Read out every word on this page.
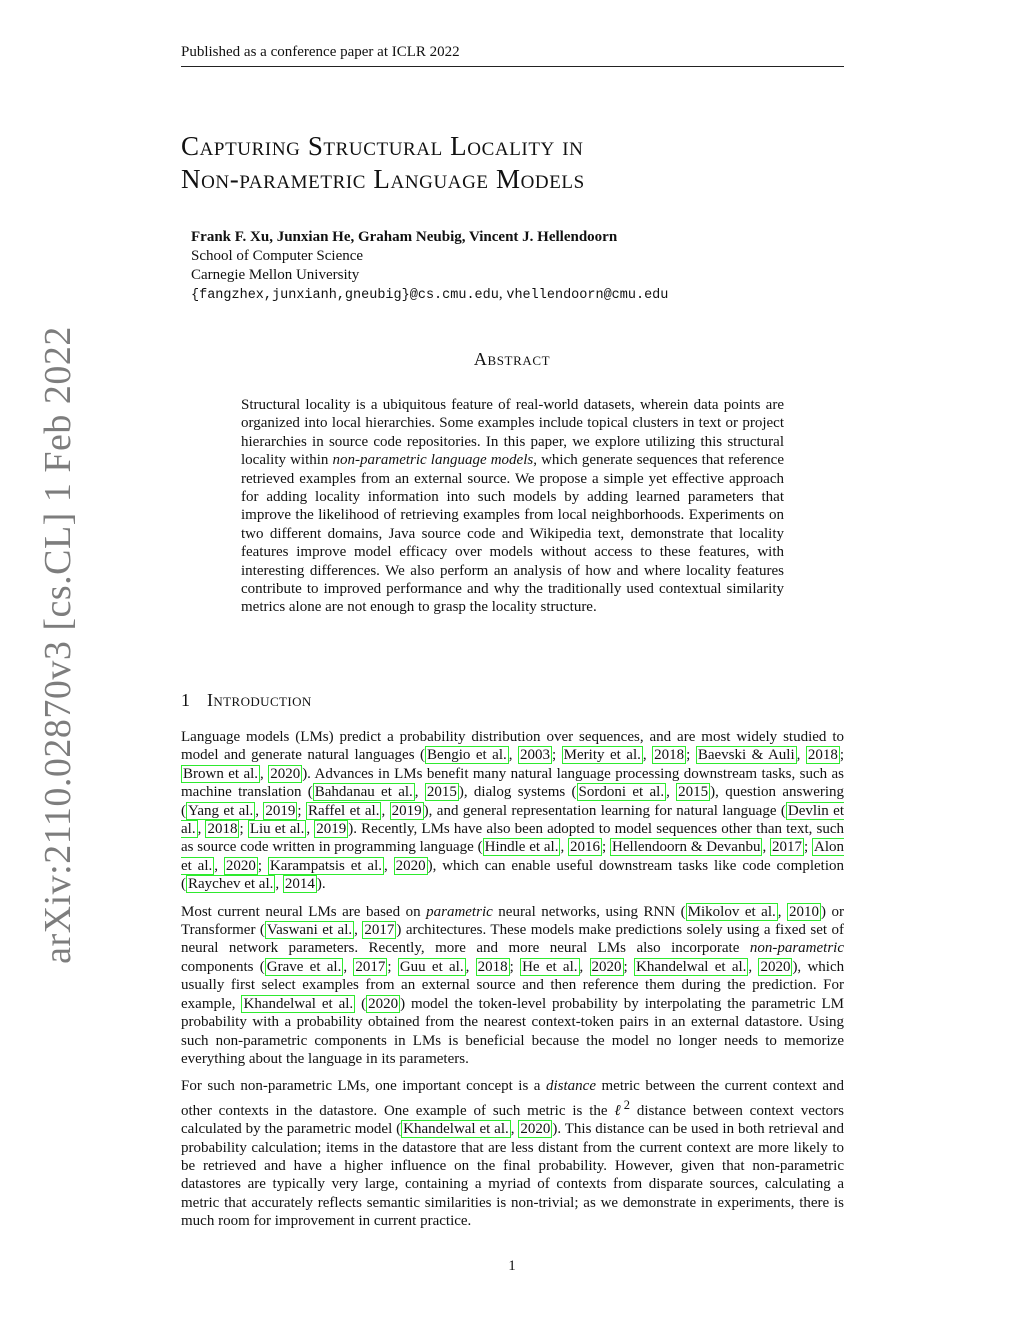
Published as a conference paper at ICLR 2022
arXiv:2110.02870v3 [cs.CL] 1 Feb 2022
Capturing Structural Locality in
Non-parametric Language Models
Frank F. Xu, Junxian He, Graham Neubig, Vincent J. Hellendoorn
School of Computer Science
Carnegie Mellon University
{fangzhex,junxianh,gneubig}@cs.cmu.edu, vhellendoorn@cmu.edu
Abstract
Structural locality is a ubiquitous feature of real-world datasets, wherein data points are organized into local hierarchies. Some examples include topical clusters in text or project hierarchies in source code repositories. In this paper, we explore utilizing this structural locality within non-parametric language models, which generate sequences that reference retrieved examples from an external source. We propose a simple yet effective approach for adding locality information into such models by adding learned parameters that improve the likelihood of retrieving examples from local neighborhoods. Experiments on two different domains, Java source code and Wikipedia text, demonstrate that locality features improve model efficacy over models without access to these features, with interesting differences. We also perform an analysis of how and where locality features contribute to improved performance and why the traditionally used contextual similarity metrics alone are not enough to grasp the locality structure.
1 Introduction

Language models (LMs) predict a probability distribution over sequences, and are most widely studied to model and generate natural languages ( Bengio et al. , 2003 ; Merity et al. , 2018 ; Baevski & Auli , 2018 ; Brown et al. , 2020 ). Advances in LMs benefit many natural language processing downstream tasks, such as machine translation ( Bahdanau et al. , 2015 ), dialog systems ( Sordoni et al. , 2015 ), question answering ( Yang et al. , 2019 ; Raffel et al. , 2019 ), and general representation learning for natural language ( Devlin et al. , 2018 ; Liu et al. , 2019 ). Recently, LMs have also been adopted to model sequences other than text, such as source code written in programming language ( Hindle et al. , 2016 ; Hellendoorn & Devanbu , 2017 ; Alon et al. , 2020 ; Karampatsis et al. , 2020 ), which can enable useful downstream tasks like code completion ( Raychev et al. , 2014 ).

Most current neural LMs are based on parametric neural networks, using RNN ( Mikolov et al. , 2010 ) or Transformer ( Vaswani et al. , 2017 ) architectures. These models make predictions solely using a fixed set of neural network parameters. Recently, more and more neural LMs also incorporate non-parametric components ( Grave et al. , 2017 ; Guu et al. , 2018 ; He et al. , 2020 ; Khandelwal et al. , 2020 ), which usually first select examples from an external source and then reference them during the prediction. For example, Khandelwal et al. ( 2020 ) model the token-level probability by interpolating the parametric LM probability with a probability obtained from the nearest context-token pairs in an external datastore. Using such non-parametric components in LMs is beneficial because the model no longer needs to memorize everything about the language in its parameters.

For such non-parametric LMs, one important concept is a distance metric between the current context and other contexts in the datastore. One example of such metric is the ℓ$^2$ distance between context vectors calculated by the parametric model ( Khandelwal et al. , 2020 ). This distance can be used in both retrieval and probability calculation; items in the datastore that are less distant from the current context are more likely to be retrieved and have a higher influence on the final probability. However, given that non-parametric datastores are typically very large, containing a myriad of contexts from disparate sources, calculating a metric that accurately reflects semantic similarities is non-trivial; as we demonstrate in experiments, there is much room for improvement in current practice.

1
